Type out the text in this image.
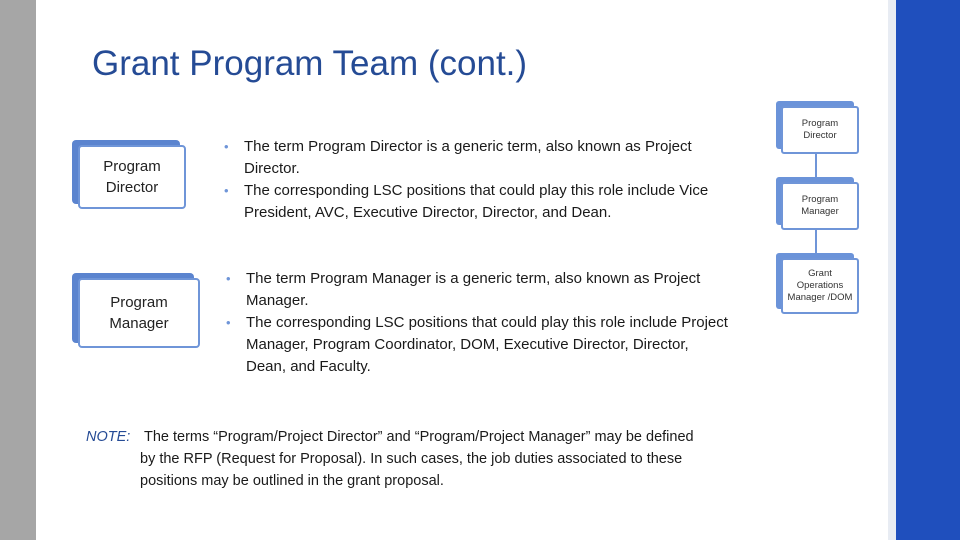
Grant Program Team (cont.)
Program
Director
• The term Program Director is a generic term, also known as Project Director.
• The corresponding LSC positions that could play this role include Vice President, AVC, Executive Director, Director, and Dean.
Program
Manager
• The term Program Manager is a generic term, also known as Project Manager.
• The corresponding LSC positions that could play this role include Project Manager, Program Coordinator, DOM, Executive Director, Director, Dean, and Faculty.
NOTE: The terms “Program/Project Director” and “Program/Project Manager” may be defined by the RFP (Request for Proposal). In such cases, the job duties associated to these positions may be outlined in the grant proposal.
Program
Director
Program
Manager
Grant
Operations
Manager /DOM
